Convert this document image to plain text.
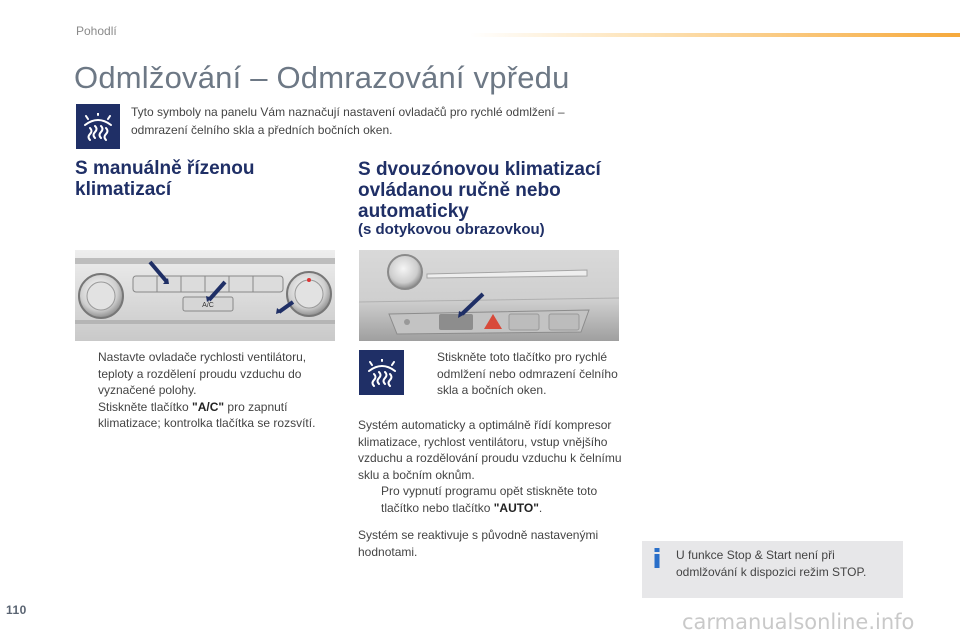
Pohodlí
Odmlžování – Odmrazování vpředu

Tyto symboly na panelu Vám naznačují nastavení ovladačů pro rychlé odmlžení – odmrazení čelního skla a předních bočních oken.

S manuálně řízenou klimatizací
A/C
Nastavte ovladače rychlosti ventilátoru, teploty a rozdělení proudu vzduchu do vyznačené polohy.
Stiskněte tlačítko "A/C" pro zapnutí klimatizace; kontrolka tlačítka se rozsvítí.
S dvouzónovou klimatizací ovládanou ručně nebo automaticky
(s dotykovou obrazovkou)
Stiskněte toto tlačítko pro rychlé odmlžení nebo odmrazení čelního skla a bočních oken.

Systém automaticky a optimálně řídí kompresor klimatizace, rychlost ventilátoru, vstup vnějšího vzduchu a rozdělování proudu vzduchu k čelnímu sklu a bočním oknům.

Pro vypnutí programu opět stiskněte toto tlačítko nebo tlačítko "AUTO".

Systém se reaktivuje s původně nastavenými hodnotami.	U funkce Stop & Start není při odmlžování k dispozici režim STOP.

110	carmanualsonline.info
